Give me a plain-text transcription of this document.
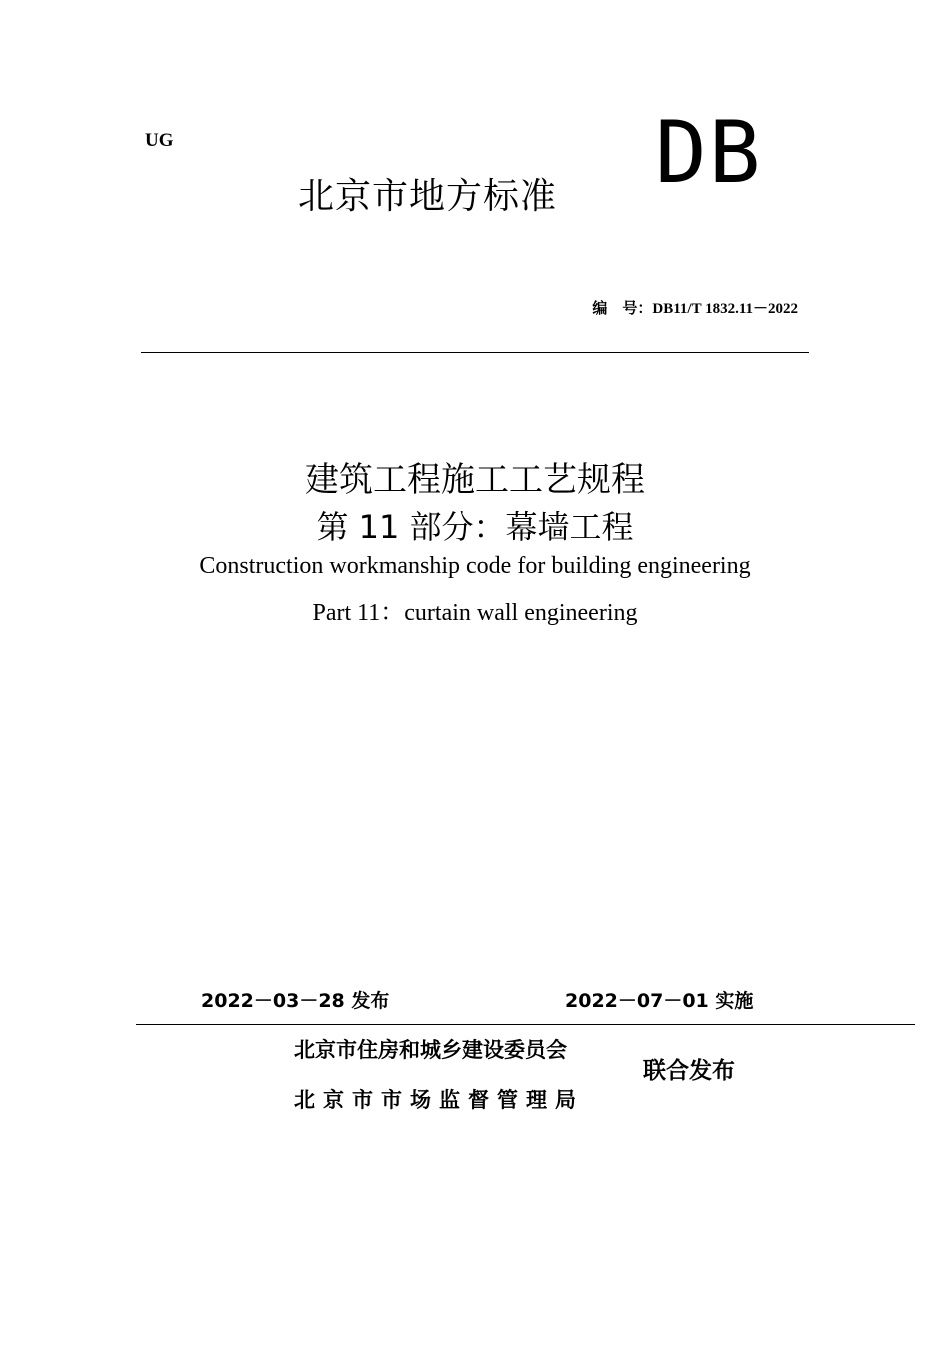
UG
北京市地方标准 DB
编　号：DB11/T 1832.11－2022
建筑工程施工工艺规程
第 11 部分：幕墙工程
Construction workmanship code for building engineering
Part 11：curtain wall engineering
2022－03－28 发布	2022－07－01 实施
北京市住房和城乡建设委员会
北京市市场监督管理局
联合发布
